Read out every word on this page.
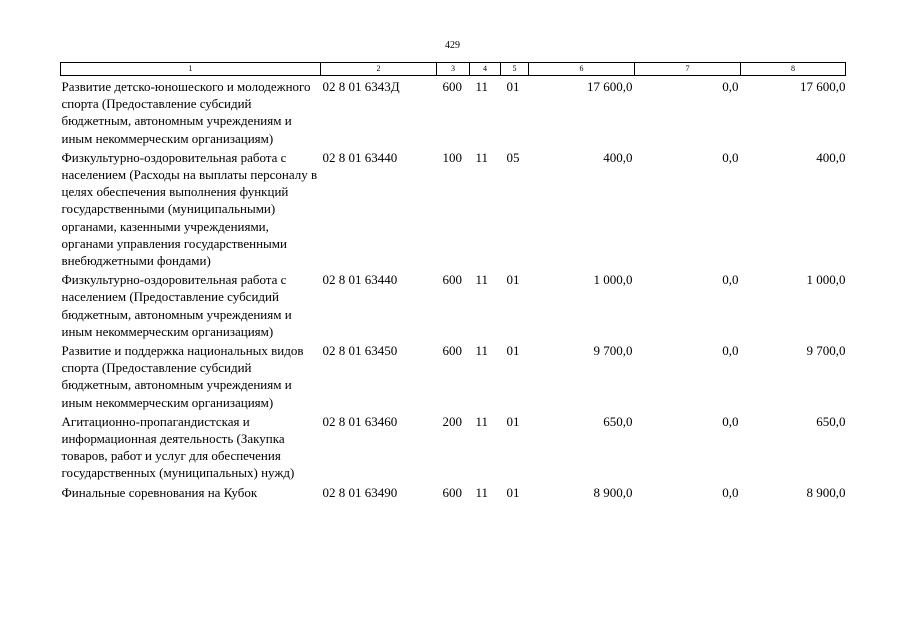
429
1	2	3	4	5	6	7	8
Развитие детско-юношеского и молодежного спорта (Предоставление субсидий бюджетным, автономным учреждениям и иным некоммерческим организациям)	02 8 01 6343Д	600	11	01	17 600,0	0,0	17 600,0
Физкультурно-оздоровительная работа с населением (Расходы на выплаты персоналу в целях обеспечения выполнения функций государственными (муниципальными) органами, казенными учреждениями, органами управления государственными внебюджетными фондами)	02 8 01 63440	100	11	05	400,0	0,0	400,0
Физкультурно-оздоровительная работа с населением (Предоставление субсидий бюджетным, автономным учреждениям и иным некоммерческим организациям)	02 8 01 63440	600	11	01	1 000,0	0,0	1 000,0
Развитие и поддержка национальных видов спорта (Предоставление субсидий бюджетным, автономным учреждениям и иным некоммерческим организациям)	02 8 01 63450	600	11	01	9 700,0	0,0	9 700,0
Агитационно-пропагандистская и информационная деятельность (Закупка товаров, работ и услуг для обеспечения государственных (муниципальных) нужд)	02 8 01 63460	200	11	01	650,0	0,0	650,0
Финальные соревнования на Кубок	02 8 01 63490	600	11	01	8 900,0	0,0	8 900,0
